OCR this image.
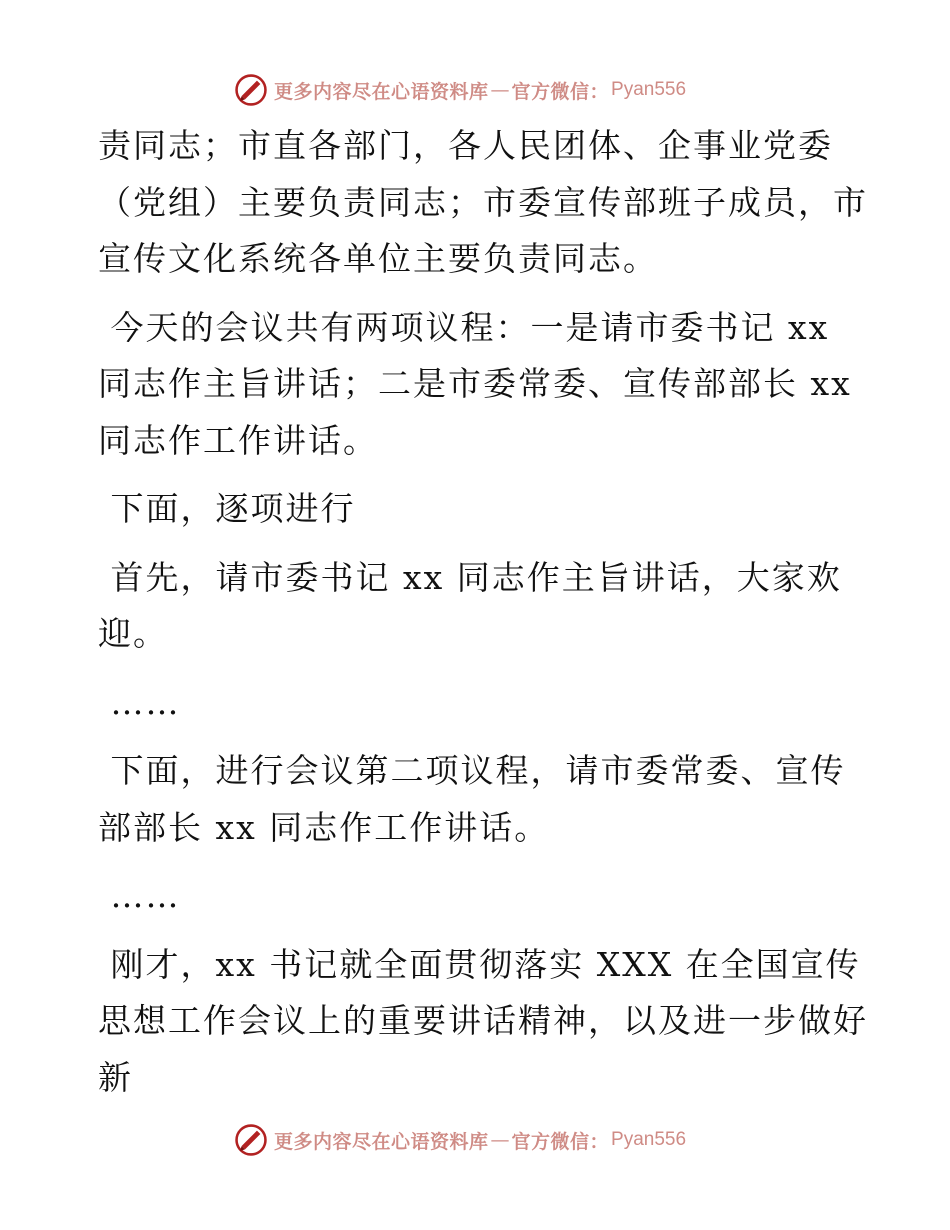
更多内容尽在心语资料库 — 官方微信： Pyan556

责同志；市直各部门，各人民团体、企事业党委（党组）主要负责同志；市委宣传部班子成员，市宣传文化系统各单位主要负责同志。

今天的会议共有两项议程：一是请市委书记 xx 同志作主旨讲话；二是市委常委、宣传部部长 xx 同志作工作讲话。

下面，逐项进行

首先，请市委书记 xx 同志作主旨讲话，大家欢迎。

……

下面，进行会议第二项议程，请市委常委、宣传部部长 xx 同志作工作讲话。

……

刚才，xx 书记就全面贯彻落实 XXX 在全国宣传思想工作会议上的重要讲话精神，以及进一步做好新

更多内容尽在心语资料库 — 官方微信： Pyan556
